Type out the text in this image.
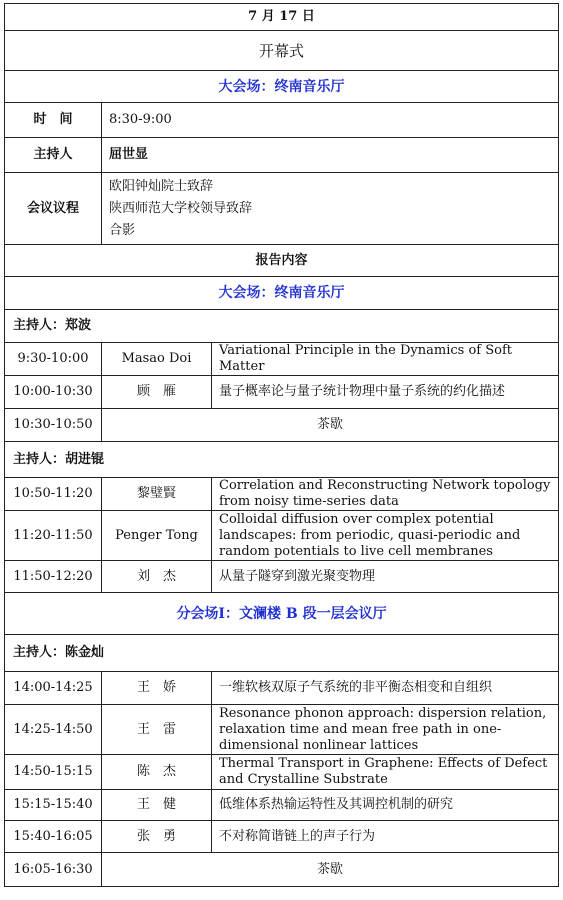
7 月 17 日		
开幕式		
大会场：终南音乐厅		
时　间	8:30-9:00	
主持人	屈世显	
会议议程	欧阳钟灿院士致辞
陕西师范大学校领导致辞
合影	

报告内容		
大会场：终南音乐厅		
主持人：郑波		
9:30-10:00	Masao Doi	Variational Principle in the Dynamics of Soft Matter
10:00-10:30	顾　雁	量子概率论与量子统计物理中量子系统的约化描述
10:30-10:50	茶歇	
主持人：胡进锟		
10:50-11:20	黎璧賢	Correlation and Reconstructing Network topology from noisy time-series data
11:20-11:50	Penger Tong	Colloidal diffusion over complex potential landscapes: from periodic, quasi-periodic and random potentials to live cell membranes
11:50-12:20	刘　杰	从量子隧穿到激光聚变物理
分会场Ⅰ：文澜楼 B 段一层会议厅		
主持人：陈金灿		
14:00-14:25	王　娇	一维软核双原子气系统的非平衡态相变和自组织
14:25-14:50	王　雷	Resonance phonon approach: dispersion relation, relaxation time and mean free path in one-dimensional nonlinear lattices
14:50-15:15	陈　杰	Thermal Transport in Graphene: Effects of Defect and Crystalline Substrate
15:15-15:40	王　健	低维体系热输运特性及其调控机制的研究
15:40-16:05	张　勇	不对称简谐链上的声子行为
16:05-16:30	茶歇	
